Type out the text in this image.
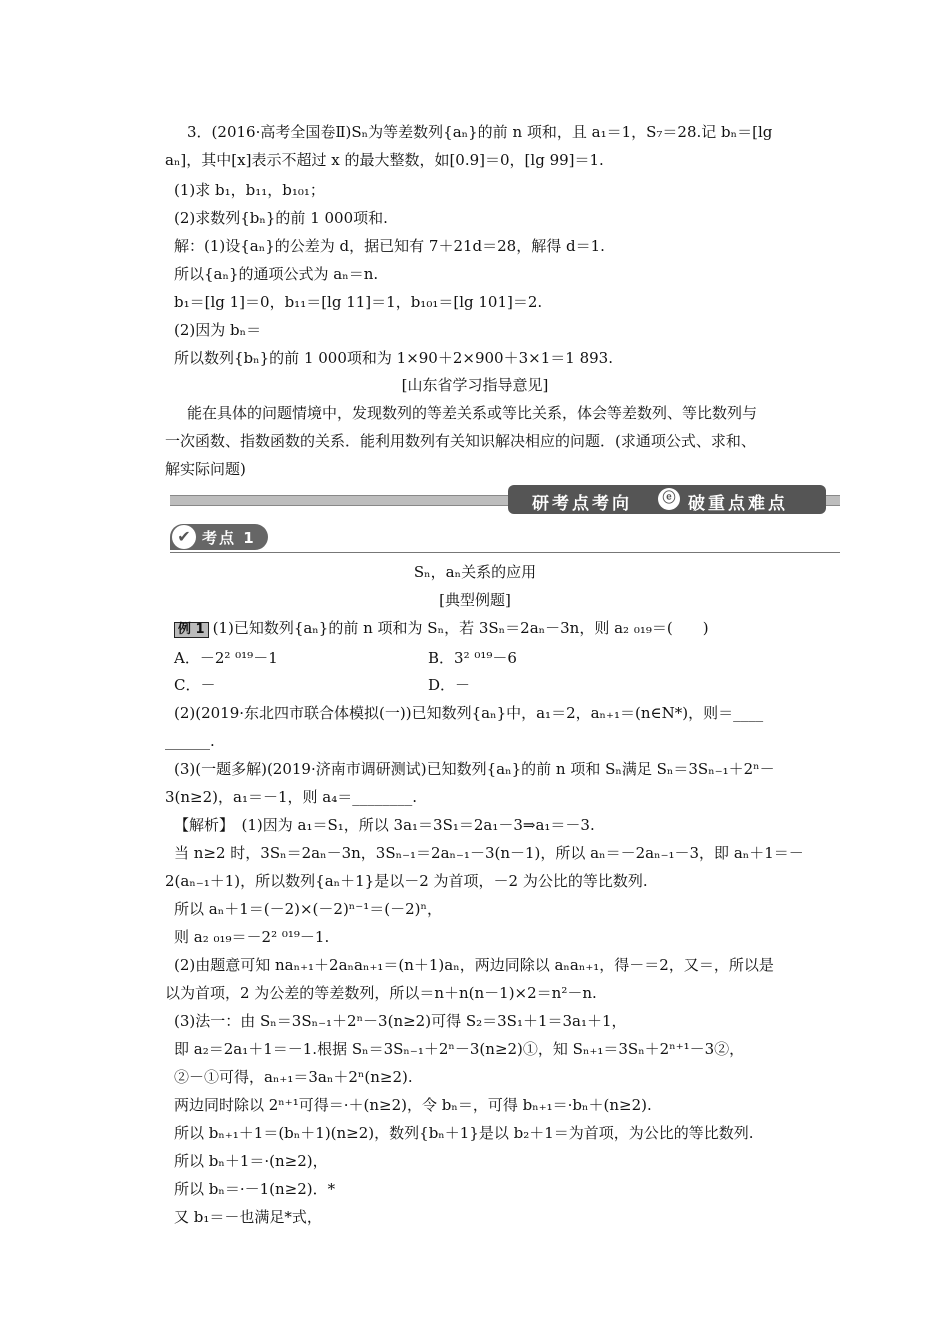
3．(2016·高考全国卷Ⅱ)Sₙ为等差数列{aₙ}的前 n 项和，且 a₁＝1，S₇＝28.记 bₙ＝[lg
aₙ]，其中[x]表示不超过 x 的最大整数，如[0.9]＝0，[lg 99]＝1.
(1)求 b₁，b₁₁，b₁₀₁；
(2)求数列{bₙ}的前 1 000项和.
解：(1)设{aₙ}的公差为 d，据已知有 7＋21d＝28，解得 d＝1.
所以{aₙ}的通项公式为 aₙ＝n.
b₁＝[lg 1]＝0，b₁₁＝[lg 11]＝1，b₁₀₁＝[lg 101]＝2.
(2)因为 bₙ＝
所以数列{bₙ}的前 1 000项和为 1×90＋2×900＋3×1＝1 893.
[山东省学习指导意见]
能在具体的问题情境中，发现数列的等差关系或等比关系，体会等差数列、等比数列与
一次函数、指数函数的关系．能利用数列有关知识解决相应的问题．(求通项公式、求和、
解实际问题)
研考点考向	ⓔ 破重点难点
✔ 考点 1
Sₙ，aₙ关系的应用
[典型例题]
例 1 (1)已知数列{aₙ}的前 n 项和为 Sₙ，若 3Sₙ＝2aₙ－3n，则 a₂ ₀₁₉＝(　　)
A．－2² ⁰¹⁹－1	B．3² ⁰¹⁹－6
C．－	D．－
(2)(2019·东北四市联合体模拟(一))已知数列{aₙ}中，a₁＝2，aₙ₊₁＝(n∈N*)，则＝____
______.
(3)(一题多解)(2019·济南市调研测试)已知数列{aₙ}的前 n 项和 Sₙ满足 Sₙ＝3Sₙ₋₁＋2ⁿ－
3(n≥2)，a₁＝－1，则 a₄＝________.
【解析】　(1)因为 a₁＝S₁，所以 3a₁＝3S₁＝2a₁－3⇒a₁＝－3.
当 n≥2 时，3Sₙ＝2aₙ－3n，3Sₙ₋₁＝2aₙ₋₁－3(n－1)，所以 aₙ＝－2aₙ₋₁－3，即 aₙ＋1＝－
2(aₙ₋₁＋1)，所以数列{aₙ＋1}是以－2 为首项，－2 为公比的等比数列.
所以 aₙ＋1＝(－2)×(－2)ⁿ⁻¹＝(－2)ⁿ，
则 a₂ ₀₁₉＝－2² ⁰¹⁹－1.
(2)由题意可知 naₙ₊₁＋2aₙaₙ₊₁＝(n＋1)aₙ，两边同除以 aₙaₙ₊₁，得－＝2，又＝，所以是
以为首项，2 为公差的等差数列，所以＝n＋n(n－1)×2＝n²－n.
(3)法一：由 Sₙ＝3Sₙ₋₁＋2ⁿ－3(n≥2)可得 S₂＝3S₁＋1＝3a₁＋1，
即 a₂＝2a₁＋1＝－1.根据 Sₙ＝3Sₙ₋₁＋2ⁿ－3(n≥2)①，知 Sₙ₊₁＝3Sₙ＋2ⁿ⁺¹－3②，
②－①可得，aₙ₊₁＝3aₙ＋2ⁿ(n≥2).
两边同时除以 2ⁿ⁺¹可得＝·＋(n≥2)，令 bₙ＝，可得 bₙ₊₁＝·bₙ＋(n≥2).
所以 bₙ₊₁＋1＝(bₙ＋1)(n≥2)，数列{bₙ＋1}是以 b₂＋1＝为首项，为公比的等比数列.
所以 bₙ＋1＝·(n≥2)，
所以 bₙ＝·－1(n≥2)．*
又 b₁＝－也满足*式，
